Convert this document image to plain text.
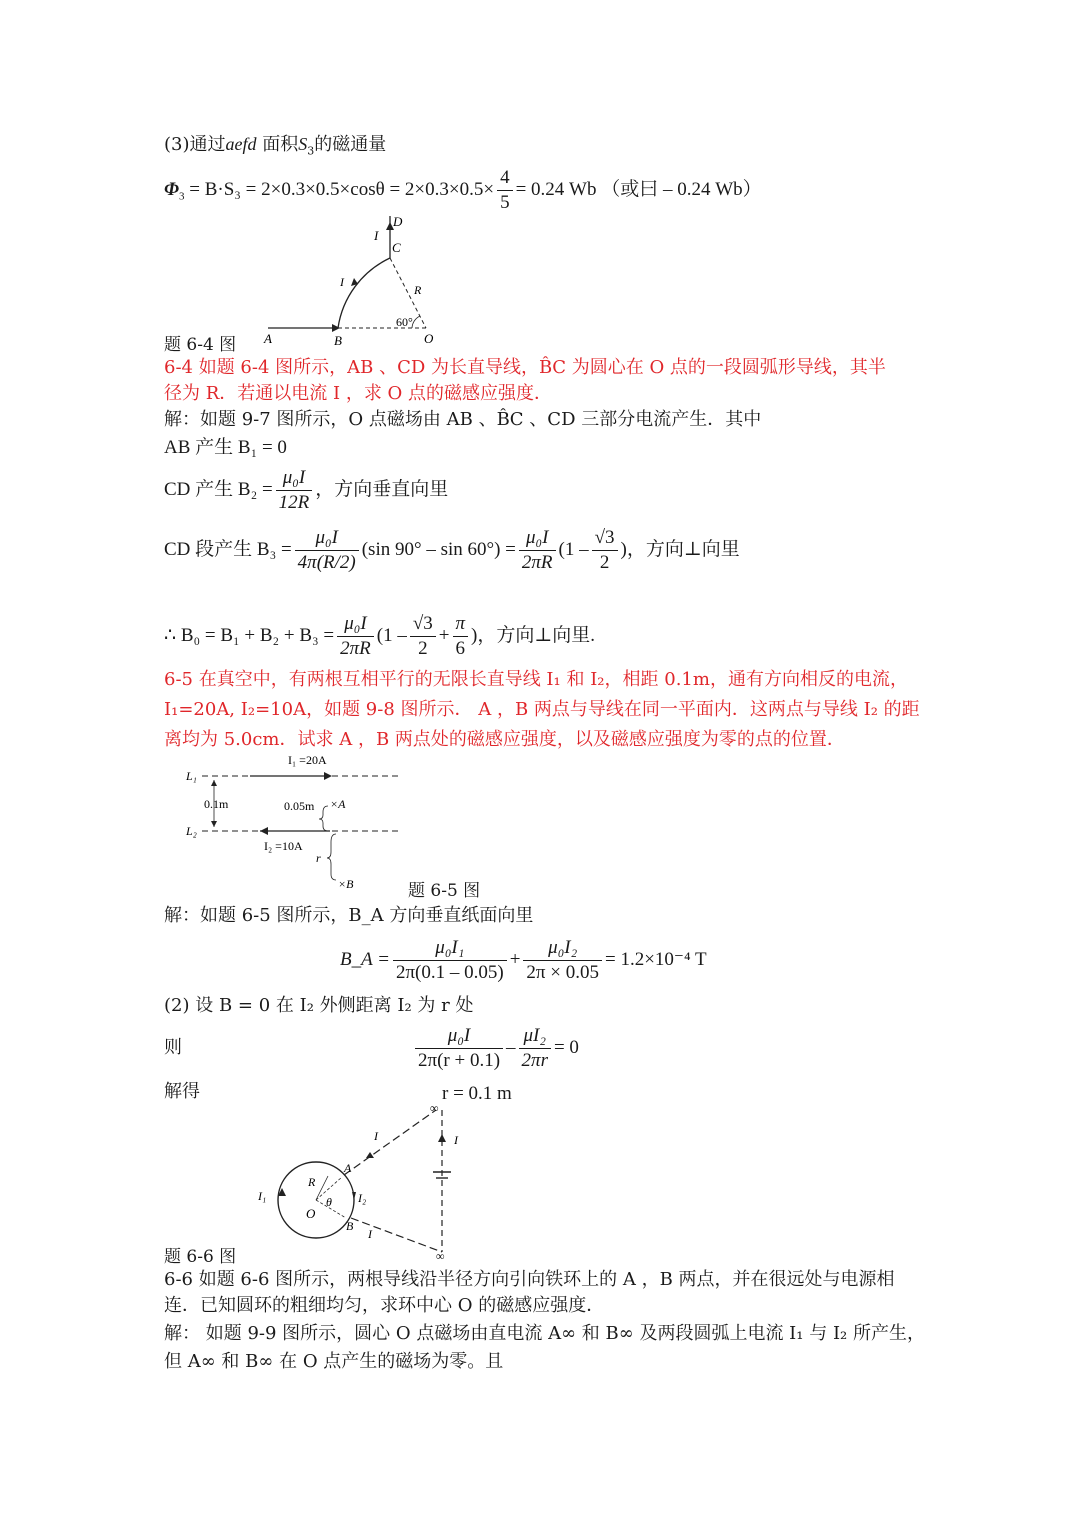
(3)通过aefd 面积$S_3$的磁通量
$\Phi_3 = B\cdot S_3 = 2\times 0.3\times 0.5\times\cos\theta = 2\times 0.3\times 0.5\times \frac{4}{5} = 0.24$ Wb （或曰 – 0.24 Wb）
A	B
C
D
O
R
I
I
60°
题 6-4 图
6-4 如题 6-4 图所示，AB 、CD 为长直导线，B̂C 为圆心在 O 点的一段圆弧形导线，其半
径为 R．若通以电流 I ，求 O 点的磁感应强度．
解：如题 9-7 图所示，O 点磁场由 AB 、B̂C 、CD 三部分电流产生．其中
AB 产生 B₁ = 0
CD 产生 $B_2 = \frac{\text{μ₀I}}{12R}$ ，方向垂直向里
CD 段产生 $B_3 = \frac{\text{μ₀I}}{4\pi(R/2)} (\sin$ $90^\circ - \sin 60^\circ) = \frac{\text{μ₀I}}{2\pi R} (1 - \frac{√3}{2}$ )，方向⊥向里
∴ $B_0 = B_1 + B_2 + B_3 = \frac{\text{μ₀I}}{2\pi R} (1 - \frac{√3}{2} + \frac{\pi}{6}$ )，方向⊥向里.
6-5 在真空中，有两根互相平行的无限长直导线 I₁ 和 I₂，相距 0.1m，通有方向相反的电流，
I₁=20A, I₂=10A，如题 9-8 图所示． A ，B 两点与导线在同一平面内．这两点与导线 I₂ 的距
离均为 5.0cm．试求 A ，B 两点处的磁感应强度，以及磁感应强度为零的点的位置．
L₁
L₂
I₁ =20A
I₂ =10A
0.1m	0.05m ×A
×B
r
题 6-5 图
解：如题 6-5 图所示，B_A 方向垂直纸面向里
B_A = $\frac{\text{μ₀I₁}}{2\pi(0.1 - 0.05)} + \frac{\text{μ₀I₂}}{2\pi \times 0.05} = 1.2\times 10^{-4}$ T
(2) 设 B = 0 在 I₂ 外侧距离 I₂ 为 r 处
则	$\frac{\text{μ₀I}}{2\pi(r + 0.1)} - \frac{\text{μI₂}}{2\pi r} = 0$
解得	r = 0.1 m
∞
∞
I	I
I
I₁	I₂
R
O
A
B
θ
题 6-6 图
6-6 如题 6-6 图所示，两根导线沿半径方向引向铁环上的 A ，B 两点，并在很远处与电源相
连．已知圆环的粗细均匀，求环中心 O 的磁感应强度．
解： 如题 9-9 图所示，圆心 O 点磁场由直电流 A∞ 和 B∞ 及两段圆弧上电流 I₁ 与 I₂ 所产生，
但 A∞ 和 B∞ 在 O 点产生的磁场为零。且
